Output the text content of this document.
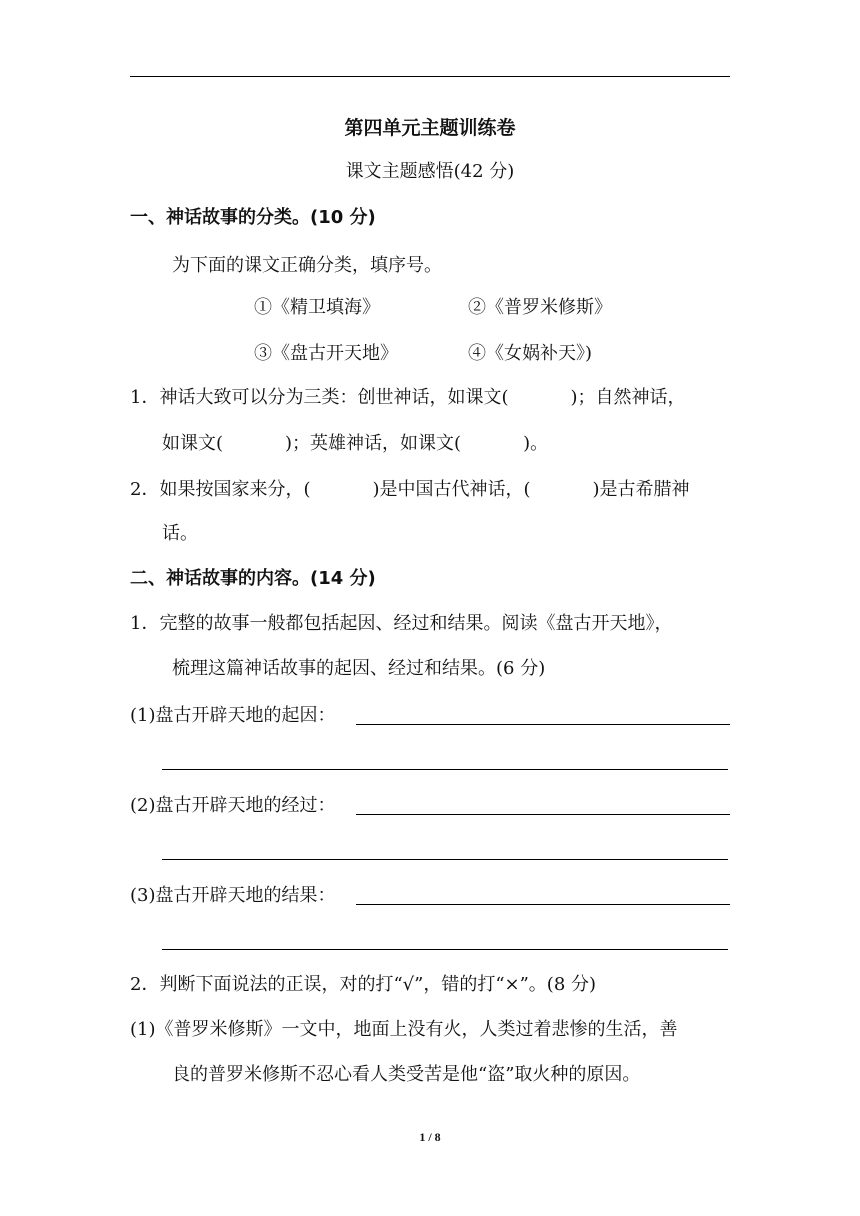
第四单元主题训练卷
课文主题感悟(42 分)
一、神话故事的分类。(10 分)
为下面的课文正确分类，填序号。
①《精卫填海》	②《普罗米修斯》
③《盘古开天地》	④《女娲补天》)
1．神话大致可以分为三类：创世神话，如课文(	)；自然神话，
如课文(	)；英雄神话，如课文(	)。
2．如果按国家来分，(	)是中国古代神话，(	)是古希腊神
话。
二、神话故事的内容。(14 分)
1．完整的故事一般都包括起因、经过和结果。阅读《盘古开天地》，
梳理这篇神话故事的起因、经过和结果。(6 分)
(1)盘古开辟天地的起因：
(2)盘古开辟天地的经过：
(3)盘古开辟天地的结果：
2．判断下面说法的正误，对的打“√”，错的打“×”。(8 分)
(1)《普罗米修斯》一文中，地面上没有火，人类过着悲惨的生活，善
良的普罗米修斯不忍心看人类受苦是他“盗”取火种的原因。
1 / 8
